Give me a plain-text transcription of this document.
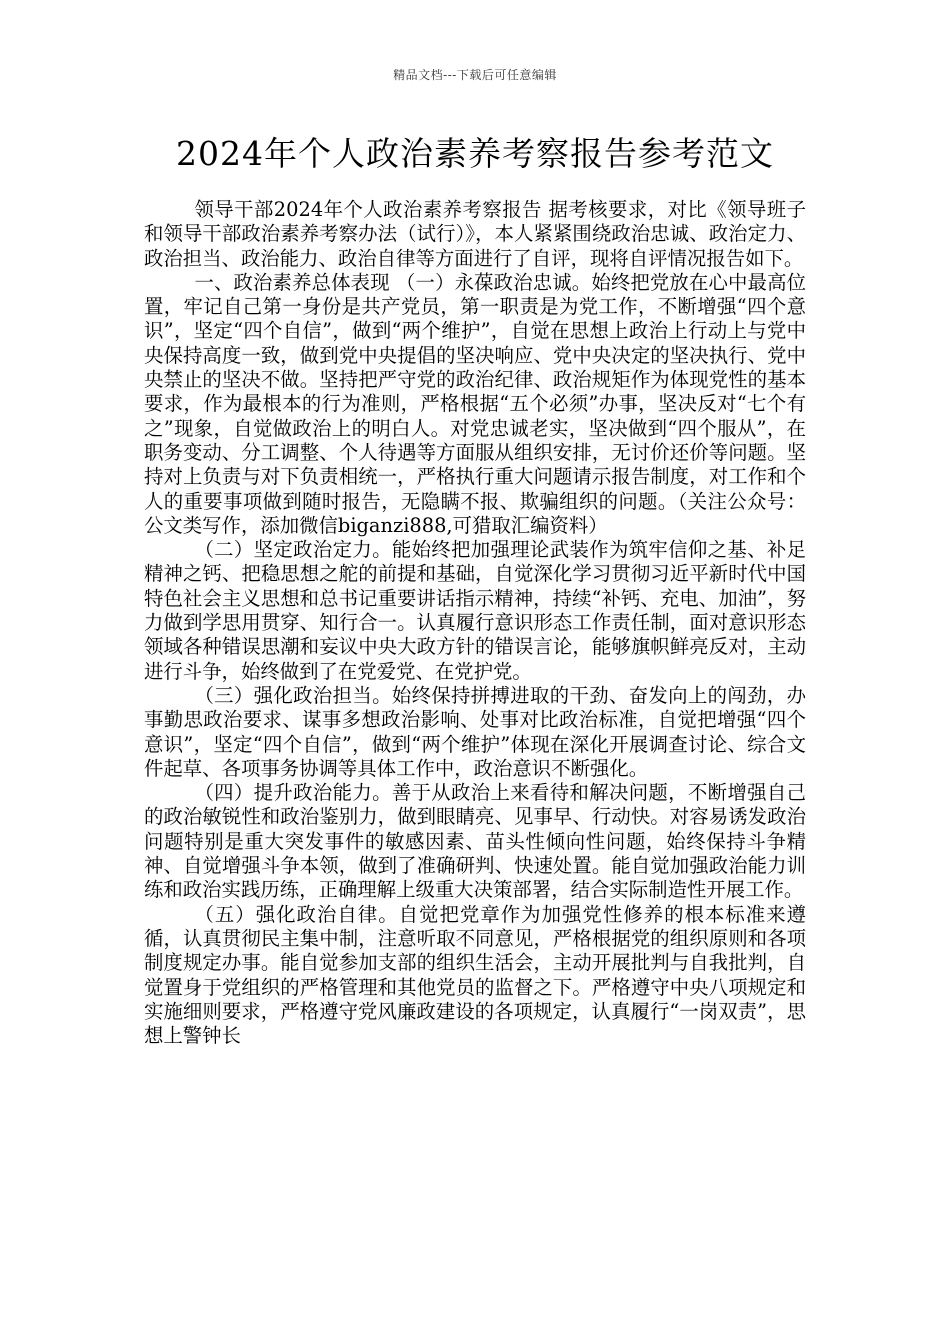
精品文档---下载后可任意编辑
2024年个人政治素养考察报告参考范文

领导干部2024年个人政治素养考察报告 据考核要求，对比《领导班子和领导干部政治素养考察办法（试行）》，本人紧紧围绕政治忠诚、政治定力、政治担当、政治能力、政治自律等方面进行了自评，现将自评情况报告如下。

一、政治素养总体表现 （一）永葆政治忠诚。始终把党放在心中最高位置，牢记自己第一身份是共产党员，第一职责是为党工作，不断增强“四个意识”，坚定“四个自信”，做到“两个维护”，自觉在思想上政治上行动上与党中央保持高度一致，做到党中央提倡的坚决响应、党中央决定的坚决执行、党中央禁止的坚决不做。坚持把严守党的政治纪律、政治规矩作为体现党性的基本要求，作为最根本的行为准则，严格根据“五个必须”办事，坚决反对“七个有之”现象，自觉做政治上的明白人。对党忠诚老实，坚决做到“四个服从”，在职务变动、分工调整、个人待遇等方面服从组织安排，无讨价还价等问题。坚持对上负责与对下负责相统一，严格执行重大问题请示报告制度，对工作和个人的重要事项做到随时报告，无隐瞒不报、欺骗组织的问题。（关注公众号：公文类写作，添加微信biganzi888,可猎取汇编资料）

（二）坚定政治定力。能始终把加强理论武装作为筑牢信仰之基、补足精神之钙、把稳思想之舵的前提和基础，自觉深化学习贯彻习近平新时代中国特色社会主义思想和总书记重要讲话指示精神，持续“补钙、充电、加油”，努力做到学思用贯穿、知行合一。认真履行意识形态工作责任制，面对意识形态领域各种错误思潮和妄议中央大政方针的错误言论，能够旗帜鲜亮反对，主动进行斗争，始终做到了在党爱党、在党护党。

（三）强化政治担当。始终保持拼搏进取的干劲、奋发向上的闯劲，办事勤思政治要求、谋事多想政治影响、处事对比政治标准，自觉把增强“四个意识”，坚定“四个自信”，做到“两个维护”体现在深化开展调查讨论、综合文件起草、各项事务协调等具体工作中，政治意识不断强化。

（四）提升政治能力。善于从政治上来看待和解决问题，不断增强自己的政治敏锐性和政治鉴别力，做到眼睛亮、见事早、行动快。对容易诱发政治问题特别是重大突发事件的敏感因素、苗头性倾向性问题，始终保持斗争精神、自觉增强斗争本领，做到了准确研判、快速处置。能自觉加强政治能力训练和政治实践历练，正确理解上级重大决策部署，结合实际制造性开展工作。

（五）强化政治自律。自觉把党章作为加强党性修养的根本标准来遵循，认真贯彻民主集中制，注意听取不同意见，严格根据党的组织原则和各项制度规定办事。能自觉参加支部的组织生活会，主动开展批判与自我批判，自觉置身于党组织的严格管理和其他党员的监督之下。严格遵守中央八项规定和实施细则要求，严格遵守党风廉政建设的各项规定，认真履行“一岗双责”，思想上警钟长
